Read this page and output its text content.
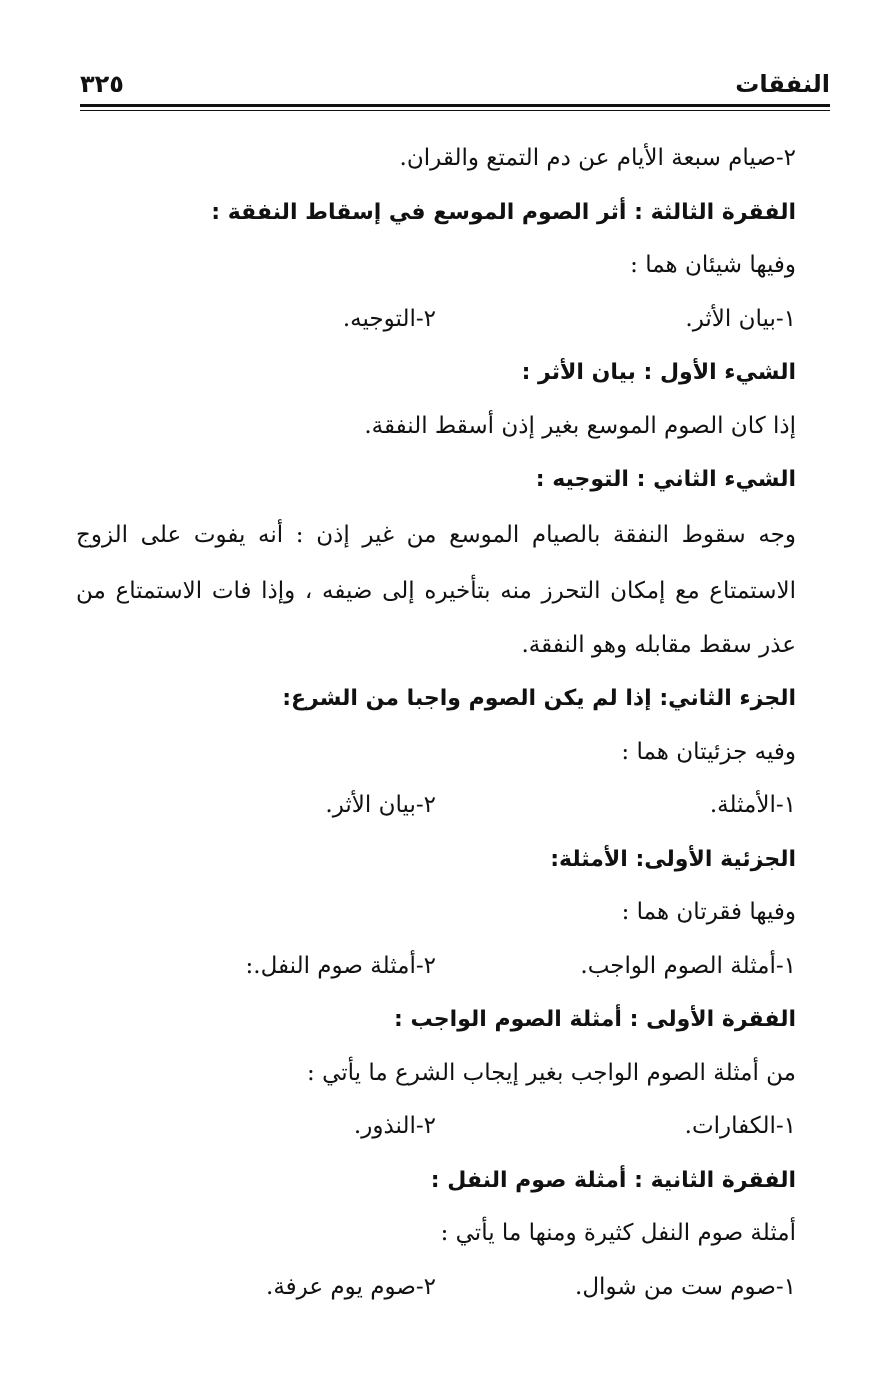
النفقات
٣٢٥
٢-صيام سبعة الأيام عن دم التمتع والقران.
الفقرة الثالثة : أثر الصوم الموسع في إسقاط النفقة :
وفيها شيئان هما :
١-بيان الأثر.
٢-التوجيه.
الشيء الأول : بيان الأثر :
إذا كان الصوم الموسع بغير إذن أسقط النفقة.
الشيء الثاني : التوجيه :
وجه سقوط النفقة بالصيام الموسع من غير إذن : أنه يفوت على الزوج
الاستمتاع مع إمكان التحرز منه بتأخيره إلى ضيفه ، وإذا فات الاستمتاع من
عذر سقط مقابله وهو النفقة.
الجزء الثاني: إذا لم يكن الصوم واجبا من الشرع:
وفيه جزئيتان هما :
١-الأمثلة.
٢-بيان الأثر.
الجزئية الأولى: الأمثلة:
وفيها فقرتان هما :
١-أمثلة الصوم الواجب.
٢-أمثلة صوم النفل.:
الفقرة الأولى : أمثلة الصوم الواجب :
من أمثلة الصوم الواجب بغير إيجاب الشرع ما يأتي :
١-الكفارات.
٢-النذور.
الفقرة الثانية : أمثلة صوم النفل :
أمثلة صوم النفل كثيرة ومنها ما يأتي :
١-صوم ست من شوال.
٢-صوم يوم عرفة.
